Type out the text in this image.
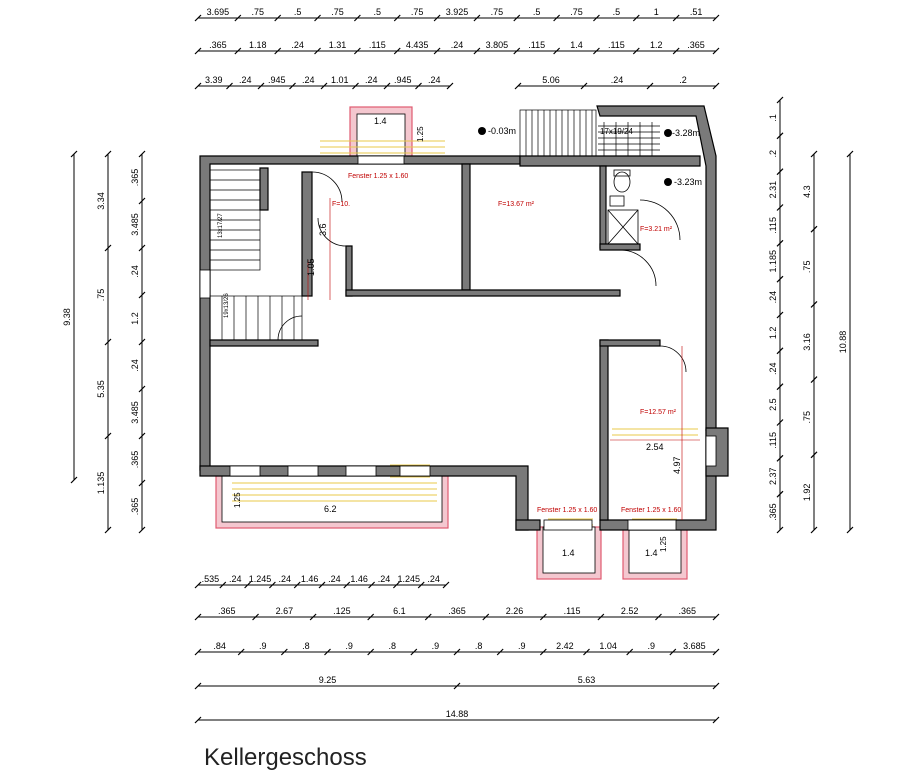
3.695 .75	.5	.75	.5	.75 3.925 .75	.5	.75	.5	1	.51
.365 1.18	.24	1.31	.115 4.435 .24 3.805 .115	1.4	.115	1.2	.365
3.39 .24 .945 .24 1.01 .24 .945 .24	5.06	.24	.2
9.38
3.34
.75
5.35
1.135
.365
3.485
.24
1.2
.24
3.485
.365
.365
.1
.2
2.31
.115
1.185
.24
1.2
.24
2.5
.115
2.37
.365
4.3
.75
3.16
.75
1.92
10.88
.535 .24 1.245 .24 1.46 .24 1.46 .24 1.245 .24
.365	2.67	.125	6.1	.365	2.26	.115	2.52	.365
.84	.9	.8	.9	.8	.9	.8	.9	2.42	1.04	.9	3.685
9.25	5.63
14.88
17x19/24
13x17/27
19x13/26
-0.03m	-3.28m
-3.23m
Fenster 1.25 x 1.60
F=10.	F=13.67 m²
F=3.21 m²
F=12.57 m²
Fenster 1.25 x 1.60	Fenster 1.25 x 1.60
1.4
1.25
6.2
1.25
1.4	1.4
1.25
3.6
1.05
2.54
4.97
Kellergeschoss
